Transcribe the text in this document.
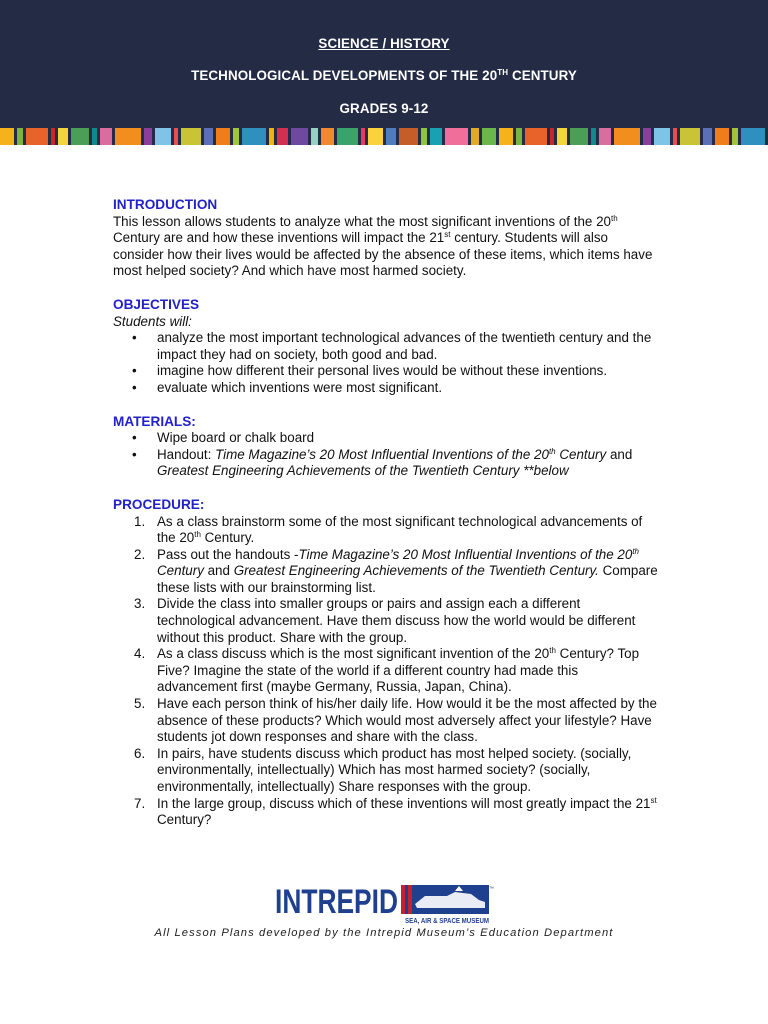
SCIENCE / HISTORY
TECHNOLOGICAL DEVELOPMENTS OF THE 20TH CENTURY
GRADES 9-12
INTRODUCTION

This lesson allows students to analyze what the most significant inventions of the 20th Century are and how these inventions will impact the 21st century. Students will also consider how their lives would be affected by the absence of these items, which items have most helped society? And which have most harmed society.

OBJECTIVES

Students will:

• analyze the most important technological advances of the twentieth century and the impact they had on society, both good and bad.
• imagine how different their personal lives would be without these inventions.
• evaluate which inventions were most significant.
MATERIALS:
• Wipe board or chalk board
• Handout: Time Magazine’s 20 Most Influential Inventions of the 20th Century and Greatest Engineering Achievements of the Twentieth Century **below
PROCEDURE:
1. As a class brainstorm some of the most significant technological advancements of the 20th Century.
2. Pass out the handouts -Time Magazine’s 20 Most Influential Inventions of the 20th Century and Greatest Engineering Achievements of the Twentieth Century. Compare these lists with our brainstorming list.
3. Divide the class into smaller groups or pairs and assign each a different technological advancement. Have them discuss how the world would be different without this product. Share with the group.
4. As a class discuss which is the most significant invention of the 20th Century? Top Five? Imagine the state of the world if a different country had made this advancement first (maybe Germany, Russia, Japan, China).
5. Have each person think of his/her daily life. How would it be the most affected by the absence of these products? Which would most adversely affect your lifestyle? Have students jot down responses and share with the class.
6. In pairs, have students discuss which product has most helped society. (socially, environmentally, intellectually) Which has most harmed society? (socially, environmentally, intellectually) Share responses with the group.
7. In the large group, discuss which of these inventions will most greatly impact the 21st Century?
INTREPID SEA, AIR & SPACE MUSEUM
™
All Lesson Plans developed by the Intrepid Museum’s Education Department
